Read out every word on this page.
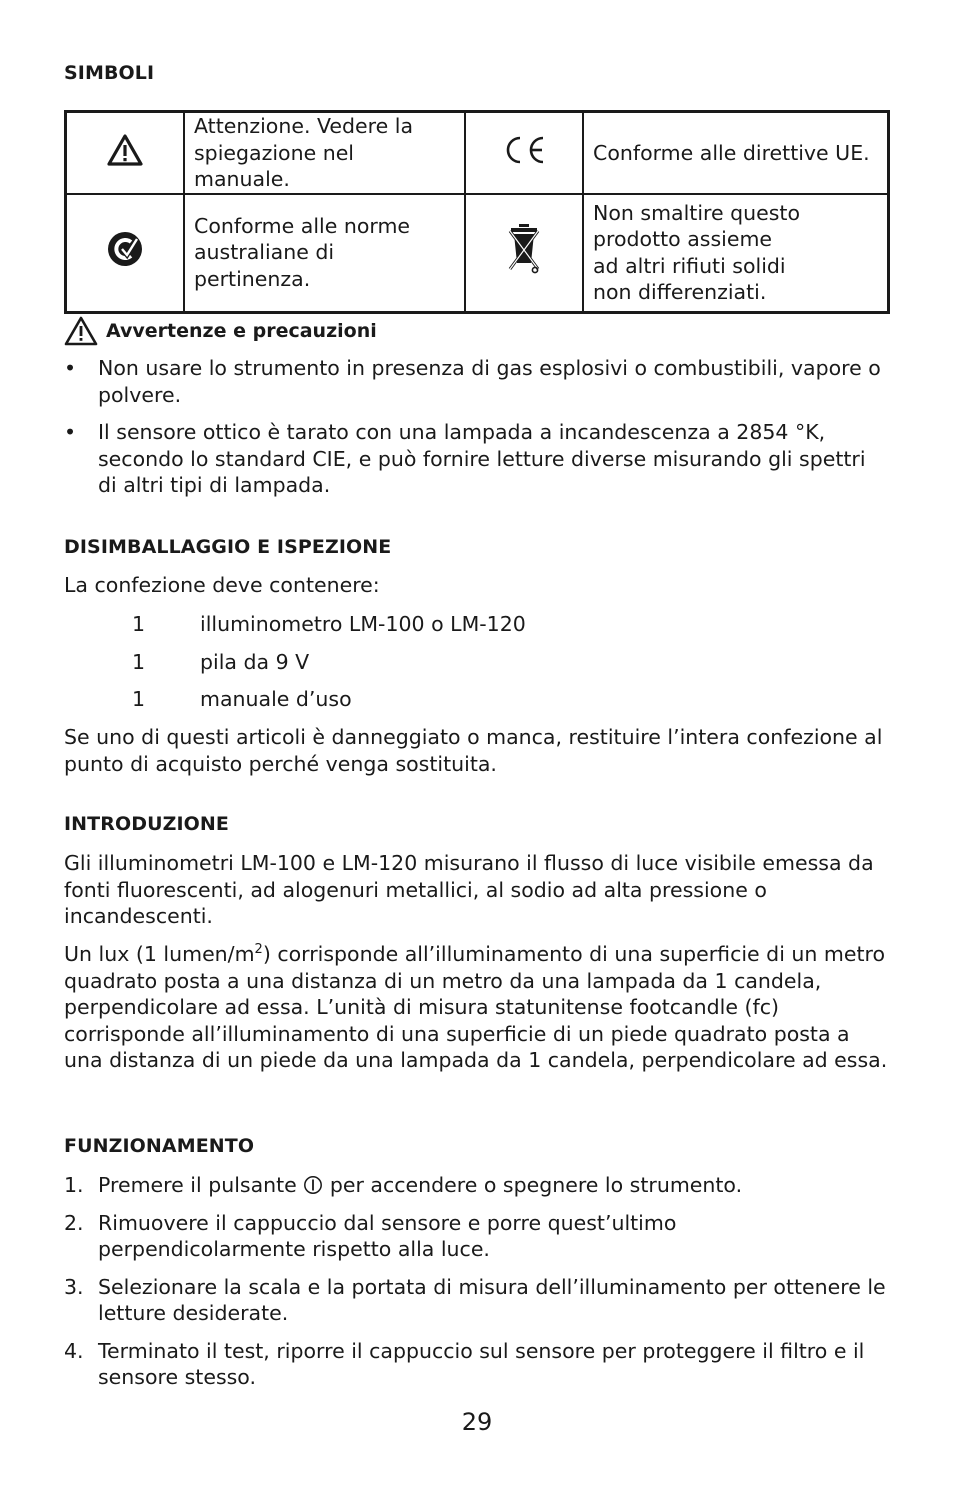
SIMBOLI
	Attenzione. Vedere la spiegazione nel manuale.		Conforme alle direttive UE.
	Conforme alle norme australiane di pertinenza.		Non smaltire questo
prodotto assieme
ad altri rifiuti solidi
non differenziati.
Avvertenze e precauzioni
• Non usare lo strumento in presenza di gas esplosivi o combustibili, vapore o polvere.
• Il sensore ottico è tarato con una lampada a incandescenza a 2854 °K, secondo lo standard CIE, e può fornire letture diverse misurando gli spettri di altri tipi di lampada.
DISIMBALLAGGIO E ISPEZIONE

La confezione deve contenere:

1	illuminometro LM-100 o LM-120
1	pila da 9 V
1	manuale d’uso

Se uno di questi articoli è danneggiato o manca, restituire l’intera confezione al punto di acquisto perché venga sostituita.

INTRODUZIONE

Gli illuminometri LM-100 e LM-120 misurano il flusso di luce visibile emessa da fonti fluorescenti, ad alogenuri metallici, al sodio ad alta pressione o incandescenti.

Un lux (1 lumen/$m^2$) corrisponde all’illuminamento di una superficie di un metro quadrato posta a una distanza di un metro da una lampada da 1 candela, perpendicolare ad essa. L’unità di misura statunitense footcandle (fc) corrisponde all’illuminamento di una superficie di un piede quadrato posta a una distanza di un piede da una lampada da 1 candela, perpendicolare ad essa.

FUNZIONAMENTO
1. Premere il pulsante  per accendere o spegnere lo strumento.
2. Rimuovere il cappuccio dal sensore e porre quest’ultimo perpendicolarmente rispetto alla luce.
3. Selezionare la scala e la portata di misura dell’illuminamento per ottenere le letture desiderate.
4. Terminato il test, riporre il cappuccio sul sensore per proteggere il filtro e il sensore stesso.
29
